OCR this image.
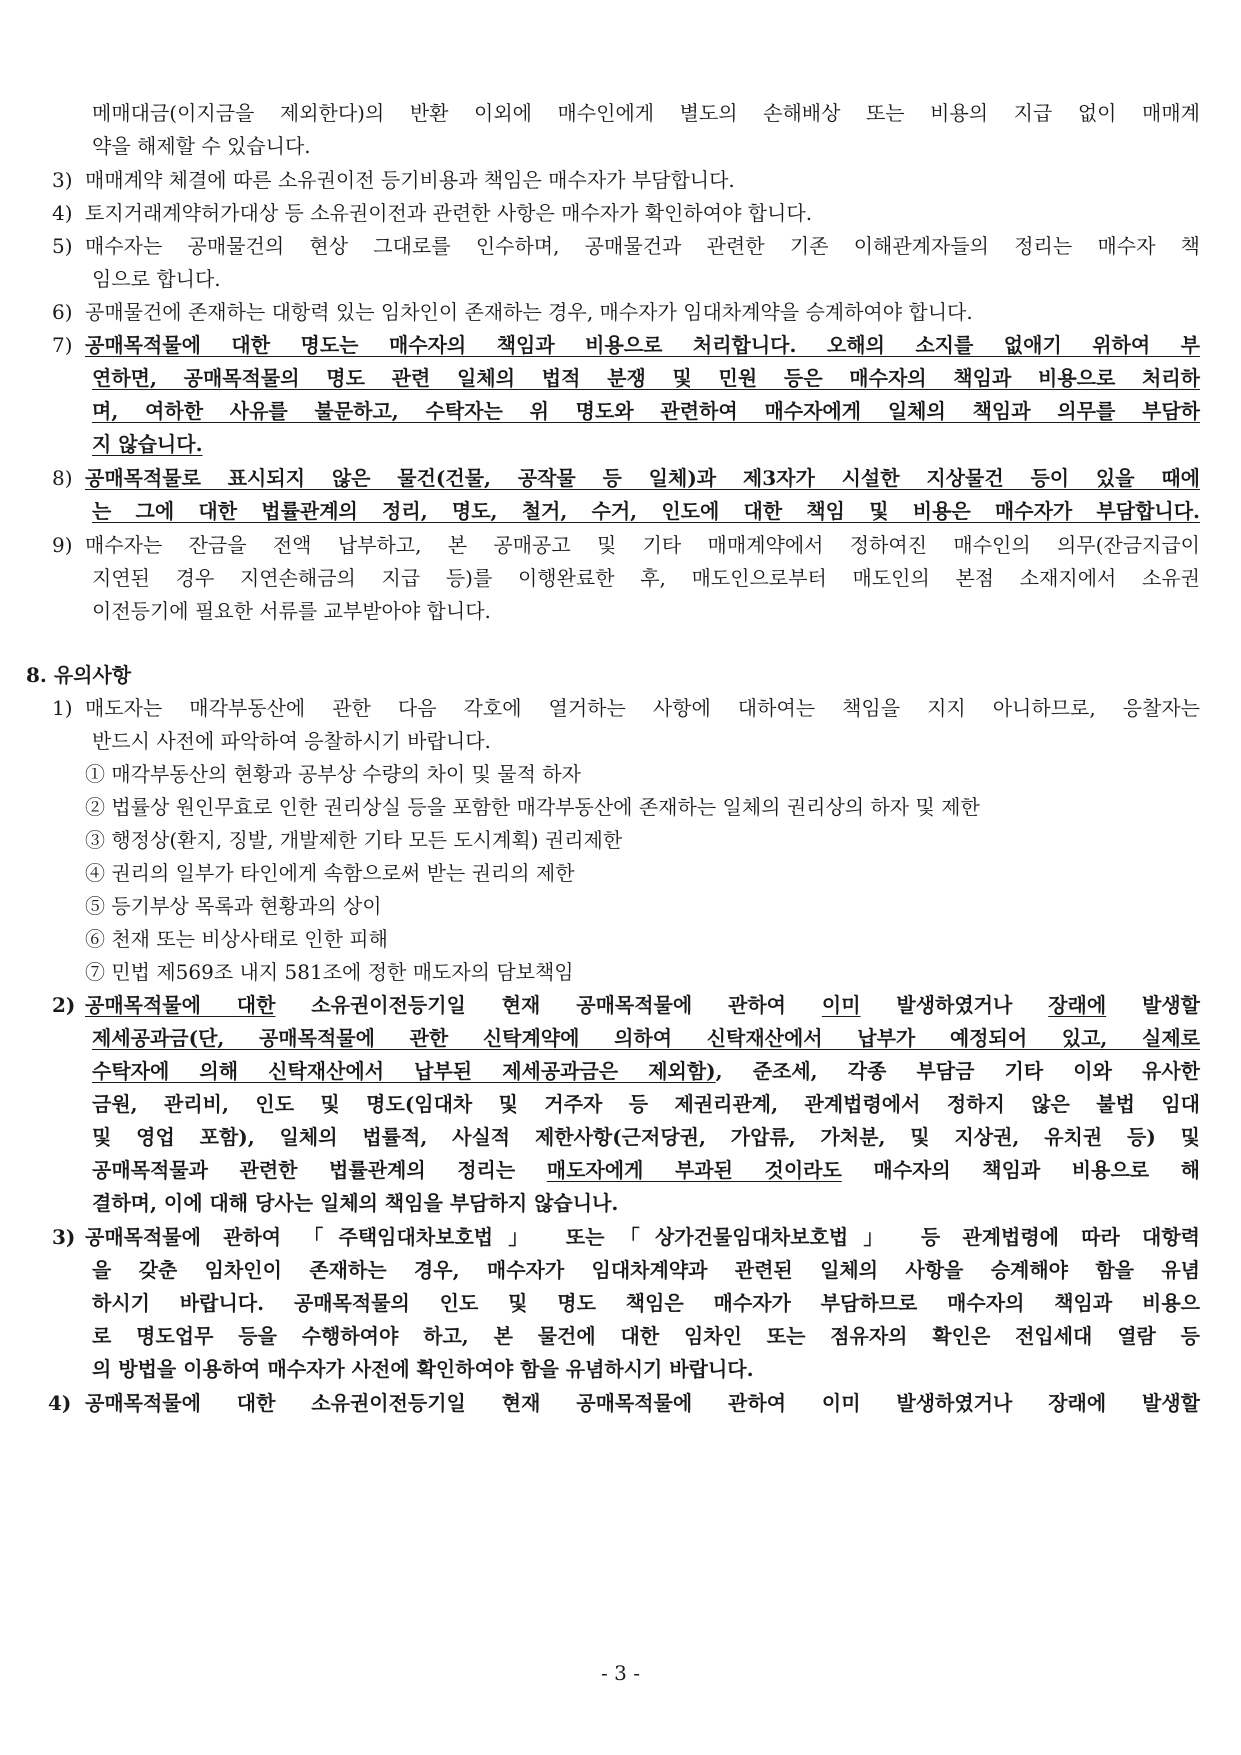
메매대금(이지금을 제외한다)의 반환 이외에 매수인에게 별도의 손해배상 또는 비용의 지급 없이 매매계
약을 해제할 수 있습니다.
3) 매매계약 체결에 따른 소유권이전 등기비용과 책임은 매수자가 부담합니다.
4) 토지거래계약허가대상 등 소유권이전과 관련한 사항은 매수자가 확인하여야 합니다.
5) 매수자는 공매물건의 현상 그대로를 인수하며, 공매물건과 관련한 기존 이해관계자들의 정리는 매수자 책
임으로 합니다.
6) 공매물건에 존재하는 대항력 있는 임차인이 존재하는 경우, 매수자가 임대차계약을 승계하여야 합니다.
7) 공매목적물에 대한 명도는 매수자의 책임과 비용으로 처리합니다. 오해의 소지를 없애기 위하여 부
연하면, 공매목적물의 명도 관련 일체의 법적 분쟁 및 민원 등은 매수자의 책임과 비용으로 처리하
며, 여하한 사유를 불문하고, 수탁자는 위 명도와 관련하여 매수자에게 일체의 책임과 의무를 부담하
지 않습니다.
8) 공매목적물로 표시되지 않은 물건(건물, 공작물 등 일체)과 제3자가 시설한 지상물건 등이 있을 때에
는 그에 대한 법률관계의 정리, 명도, 철거, 수거, 인도에 대한 책임 및 비용은 매수자가 부담합니다.
9) 매수자는 잔금을 전액 납부하고, 본 공매공고 및 기타 매매계약에서 정하여진 매수인의 의무(잔금지급이
지연된 경우 지연손해금의 지급 등)를 이행완료한 후, 매도인으로부터 매도인의 본점 소재지에서 소유권
이전등기에 필요한 서류를 교부받아야 합니다.
8. 유의사항
1) 매도자는 매각부동산에 관한 다음 각호에 열거하는 사항에 대하여는 책임을 지지 아니하므로, 응찰자는
반드시 사전에 파악하여 응찰하시기 바랍니다.
① 매각부동산의 현황과 공부상 수량의 차이 및 물적 하자
② 법률상 원인무효로 인한 권리상실 등을 포함한 매각부동산에 존재하는 일체의 권리상의 하자 및 제한
③ 행정상(환지, 징발, 개발제한 기타 모든 도시계획) 권리제한
④ 권리의 일부가 타인에게 속함으로써 받는 권리의 제한
⑤ 등기부상 목록과 현황과의 상이
⑥ 천재 또는 비상사태로 인한 피해
⑦ 민법 제569조 내지 581조에 정한 매도자의 담보책임
2) 공매목적물에 대한 소유권이전등기일 현재 공매목적물에 관하여 이미 발생하였거나 장래에 발생할
제세공과금(단, 공매목적물에 관한 신탁계약에 의하여 신탁재산에서 납부가 예정되어 있고, 실제로
수탁자에 의해 신탁재산에서 납부된 제세공과금은 제외함), 준조세, 각종 부담금 기타 이와 유사한
금원, 관리비, 인도 및 명도(임대차 및 거주자 등 제권리관계, 관계법령에서 정하지 않은 불법 임대
및 영업 포함), 일체의 법률적, 사실적 제한사항(근저당권, 가압류, 가처분, 및 지상권, 유치권 등) 및
공매목적물과 관련한 법률관계의 정리는 매도자에게 부과된 것이라도 매수자의 책임과 비용으로 해
결하며, 이에 대해 당사는 일체의 책임을 부담하지 않습니나.
3) 공매목적물에 관하여 「주택임대차보호법」 또는「상가건물임대차보호법」 등 관계법령에 따라 대항력
을 갖춘 임차인이 존재하는 경우, 매수자가 임대차계약과 관련된 일체의 사항을 승계해야 함을 유념
하시기 바랍니다. 공매목적물의 인도 및 명도 책임은 매수자가 부담하므로 매수자의 책임과 비용으
로 명도업무 등을 수행하여야 하고, 본 물건에 대한 임차인 또는 점유자의 확인은 전입세대 열람 등
의 방법을 이용하여 매수자가 사전에 확인하여야 함을 유념하시기 바랍니다.
4) 공매목적물에 대한 소유권이전등기일 현재 공매목적물에 관하여 이미 발생하였거나 장래에 발생할
- 3 -
